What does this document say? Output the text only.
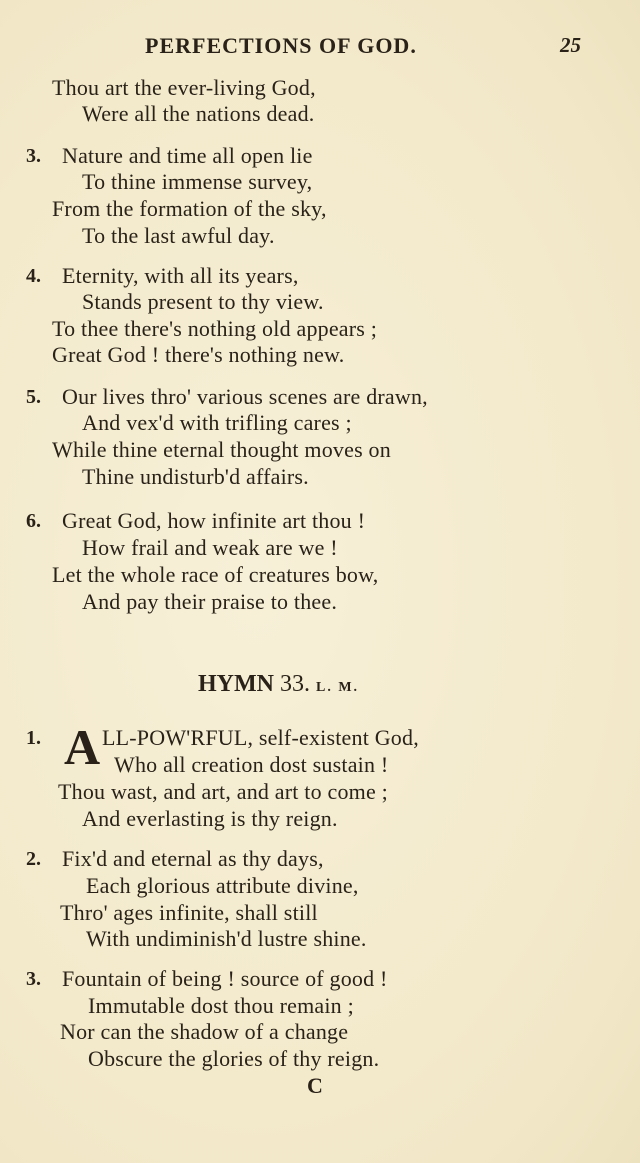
PERFECTIONS OF GOD.	25
Thou art the ever-living God,
Were all the nations dead.
3. Nature and time all open lie
To thine immense survey,
From the formation of the sky,
To the last awful day.
4. Eternity, with all its years,
Stands present to thy view.
To thee there's nothing old appears ;
Great God ! there's nothing new.
5. Our lives thro' various scenes are drawn,
And vex'd with trifling cares ;
While thine eternal thought moves on
Thine undisturb'd affairs.
6. Great God, how infinite art thou !
How frail and weak are we !
Let the whole race of creatures bow,
And pay their praise to thee.
HYMN 33. L. M.
1. A LL-POW'RFUL, self-existent God,
Who all creation dost sustain !
Thou wast, and art, and art to come ;
And everlasting is thy reign.
2. Fix'd and eternal as thy days,
Each glorious attribute divine,
Thro' ages infinite, shall still
With undiminish'd lustre shine.
3. Fountain of being ! source of good !
Immutable dost thou remain ;
Nor can the shadow of a change
Obscure the glories of thy reign.
C
